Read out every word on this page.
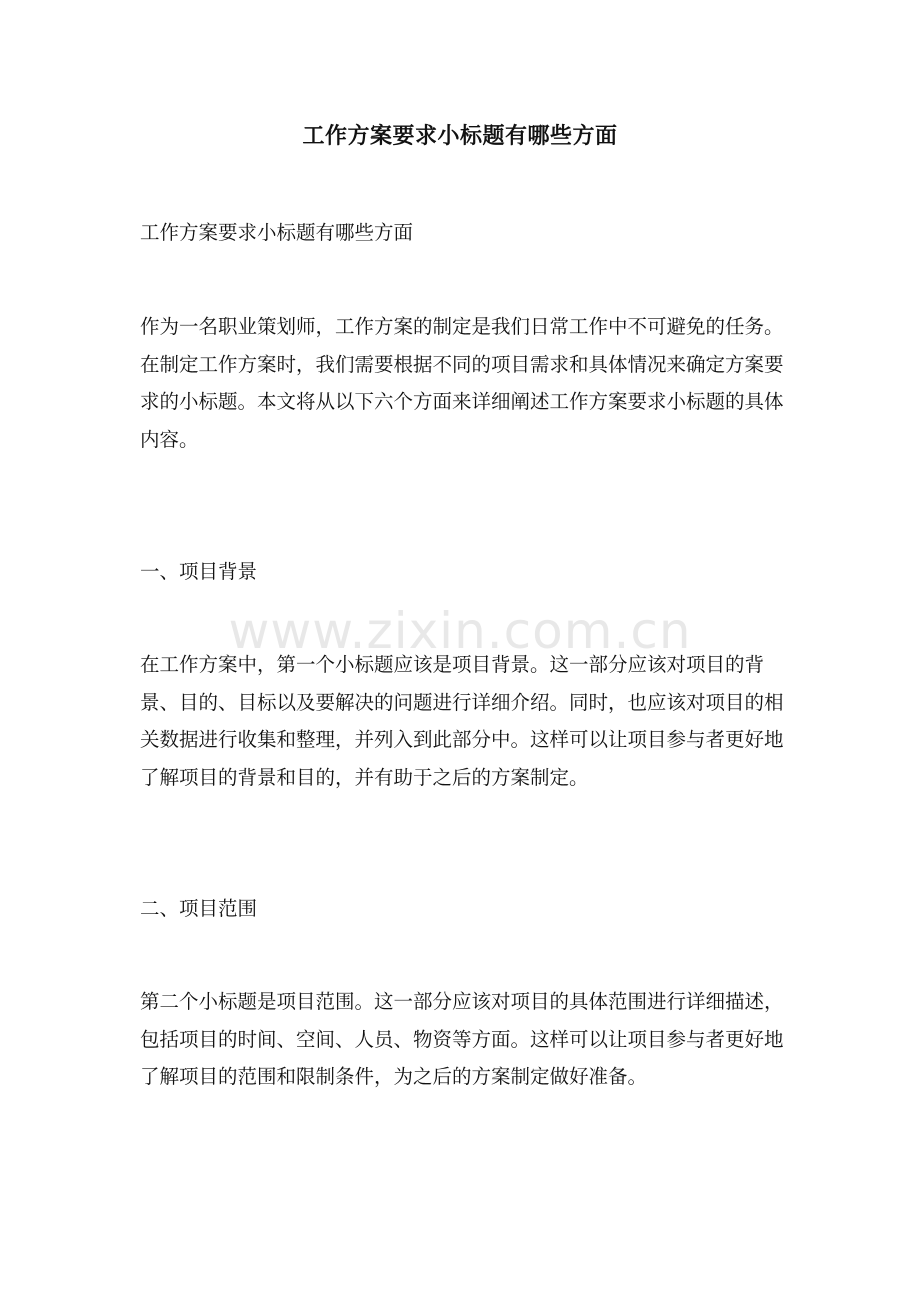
工作方案要求小标题有哪些方面

工作方案要求小标题有哪些方面

作为一名职业策划师，工作方案的制定是我们日常工作中不可避免的任务。在制定工作方案时，我们需要根据不同的项目需求和具体情况来确定方案要求的小标题。本文将从以下六个方面来详细阐述工作方案要求小标题的具体内容。

一、项目背景

在工作方案中，第一个小标题应该是项目背景。这一部分应该对项目的背景、目的、目标以及要解决的问题进行详细介绍。同时，也应该对项目的相关数据进行收集和整理，并列入到此部分中。这样可以让项目参与者更好地了解项目的背景和目的，并有助于之后的方案制定。

二、项目范围

第二个小标题是项目范围。这一部分应该对项目的具体范围进行详细描述，包括项目的时间、空间、人员、物资等方面。这样可以让项目参与者更好地了解项目的范围和限制条件，为之后的方案制定做好准备。

www.zixin.com.cn
